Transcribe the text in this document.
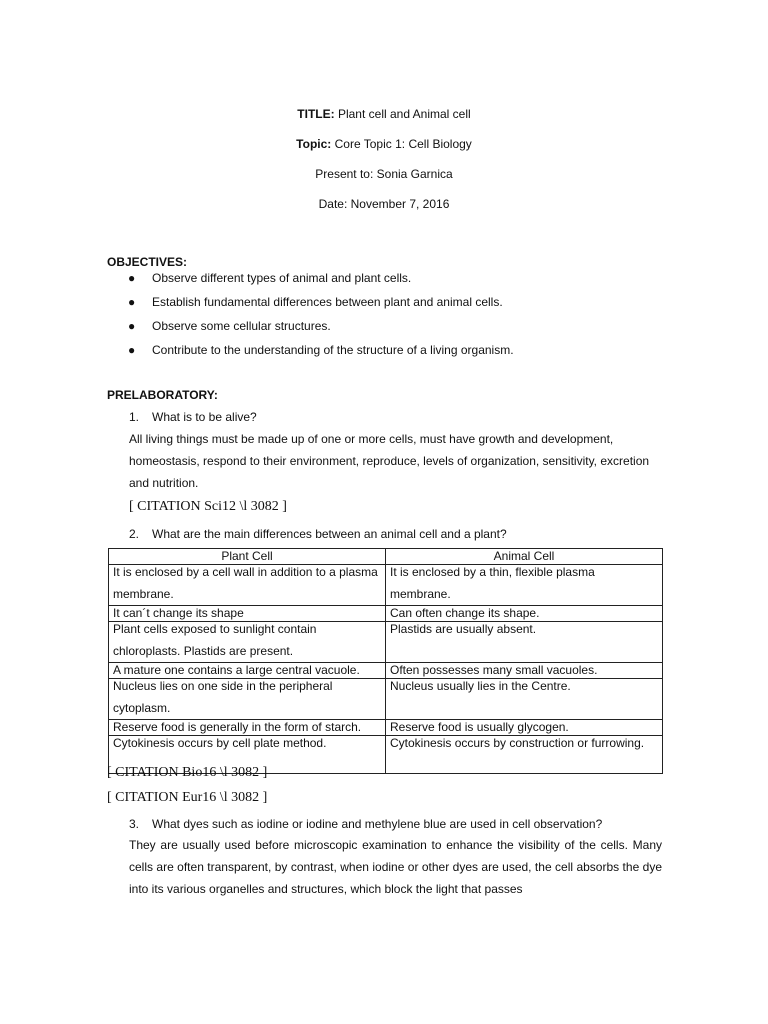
TITLE: Plant cell and Animal cell
Topic: Core Topic 1: Cell Biology
Present to: Sonia Garnica
Date: November 7, 2016
OBJECTIVES:
● Observe different types of animal and plant cells.
● Establish fundamental differences between plant and animal cells.
● Observe some cellular structures.
● Contribute to the understanding of the structure of a living organism.
PRELABORATORY:
1. What is to be alive?
All living things must be made up of one or more cells, must have growth and development, homeostasis, respond to their environment, reproduce, levels of organization, sensitivity, excretion and nutrition.
[ CITATION Sci12 \l 3082 ]
2. What are the main differences between an animal cell and a plant?
Plant Cell	Animal Cell

It is enclosed by a cell wall in addition to a plasma membrane.	It is enclosed by a thin, flexible plasma membrane.

It can´t change its shape	Can often change its shape.

Plant cells exposed to sunlight contain chloroplasts. Plastids are present.	Plastids are usually absent.
A mature one contains a large central vacuole.	Often possesses many small vacuoles.

Nucleus lies on one side in the peripheral cytoplasm.	Nucleus usually lies in the Centre.
Reserve food is generally in the form of starch.	Reserve food is usually glycogen.
Cytokinesis occurs by cell plate method.	Cytokinesis occurs by construction or furrowing.
[ CITATION Bio16 \l 3082 ]
[ CITATION Eur16 \l 3082 ]
3. What dyes such as iodine or iodine and methylene blue are used in cell observation?
They are usually used before microscopic examination to enhance the visibility of the cells. Many cells are often transparent, by contrast, when iodine or other dyes are used, the cell absorbs the dye into its various organelles and structures, which block the light that passes
